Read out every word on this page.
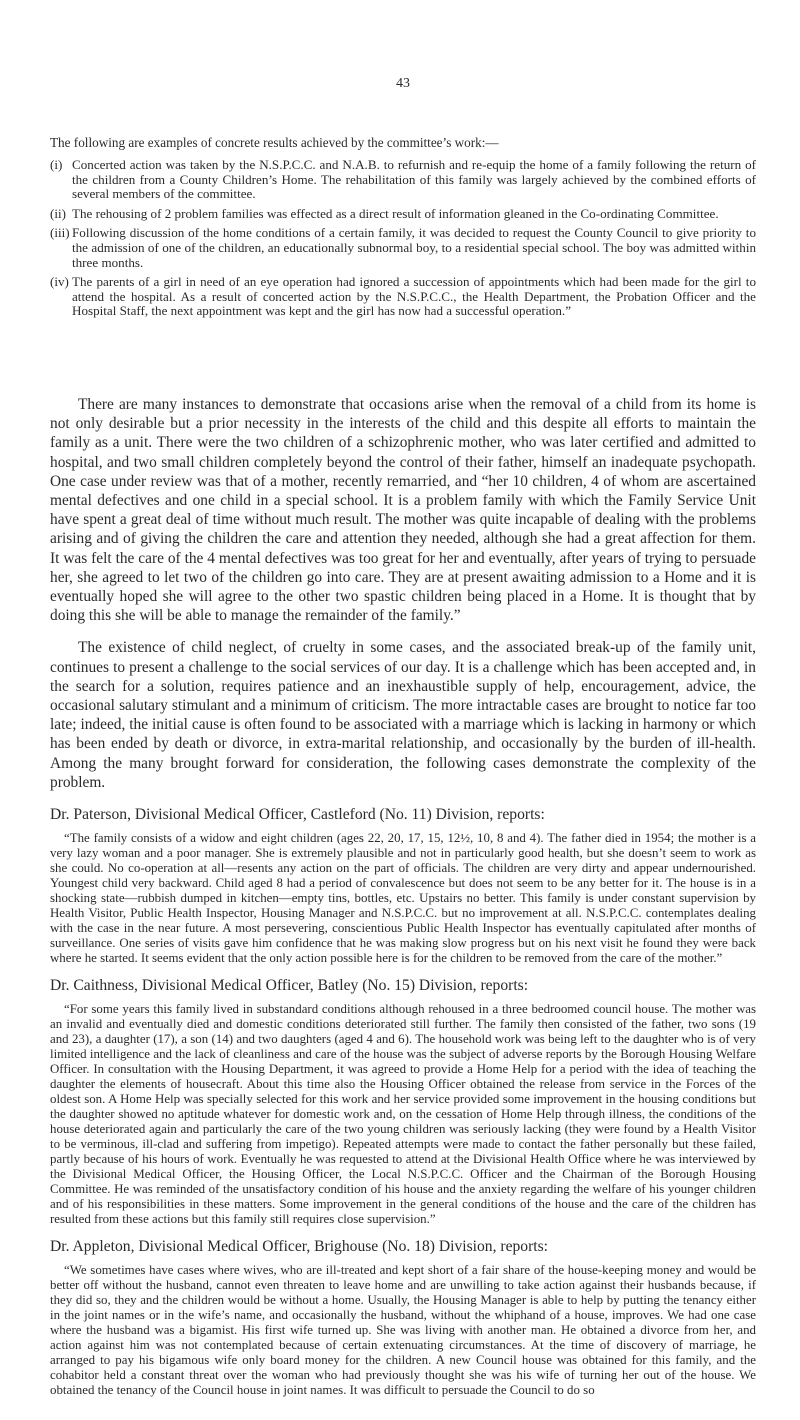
43
The following are examples of concrete results achieved by the committee’s work:—
(i) Concerted action was taken by the N.S.P.C.C. and N.A.B. to refurnish and re-equip the home of a family following the return of the children from a County Children’s Home. The rehabilitation of this family was largely achieved by the combined efforts of several members of the committee.
(ii) The rehousing of 2 problem families was effected as a direct result of information gleaned in the Co-ordinating Committee.
(iii) Following discussion of the home conditions of a certain family, it was decided to request the County Council to give priority to the admission of one of the children, an educationally subnormal boy, to a residential special school. The boy was admitted within three months.
(iv) The parents of a girl in need of an eye operation had ignored a succession of appointments which had been made for the girl to attend the hospital. As a result of concerted action by the N.S.P.C.C., the Health Department, the Probation Officer and the Hospital Staff, the next appointment was kept and the girl has now had a successful operation.”

There are many instances to demonstrate that occasions arise when the removal of a child from its home is not only desirable but a prior necessity in the interests of the child and this despite all efforts to maintain the family as a unit. There were the two children of a schizophrenic mother, who was later certified and admitted to hospital, and two small children completely beyond the control of their father, himself an inadequate psychopath. One case under review was that of a mother, recently remarried, and “her 10 children, 4 of whom are ascertained mental defectives and one child in a special school. It is a problem family with which the Family Service Unit have spent a great deal of time without much result. The mother was quite incapable of dealing with the problems arising and of giving the children the care and attention they needed, although she had a great affection for them. It was felt the care of the 4 mental defectives was too great for her and eventually, after years of trying to persuade her, she agreed to let two of the children go into care. They are at present awaiting admission to a Home and it is eventually hoped she will agree to the other two spastic children being placed in a Home. It is thought that by doing this she will be able to manage the remainder of the family.”

The existence of child neglect, of cruelty in some cases, and the associated break-up of the family unit, continues to present a challenge to the social services of our day. It is a challenge which has been accepted and, in the search for a solution, requires patience and an inexhaustible supply of help, encouragement, advice, the occasional salutary stimulant and a minimum of criticism. The more intractable cases are brought to notice far too late; indeed, the initial cause is often found to be associated with a marriage which is lacking in harmony or which has been ended by death or divorce, in extra-marital relationship, and occasionally by the burden of ill-health. Among the many brought forward for consideration, the following cases demonstrate the complexity of the problem.

Dr. Paterson, Divisional Medical Officer, Castleford (No. 11) Division, reports:

“The family consists of a widow and eight children (ages 22, 20, 17, 15, 12½, 10, 8 and 4). The father died in 1954; the mother is a very lazy woman and a poor manager. She is extremely plausible and not in particularly good health, but she doesn’t seem to work as she could. No co-operation at all—resents any action on the part of officials. The children are very dirty and appear undernourished. Youngest child very backward. Child aged 8 had a period of convalescence but does not seem to be any better for it. The house is in a shocking state—rubbish dumped in kitchen—empty tins, bottles, etc. Upstairs no better. This family is under constant supervision by Health Visitor, Public Health Inspector, Housing Manager and N.S.P.C.C. but no improvement at all. N.S.P.C.C. contemplates dealing with the case in the near future. A most persevering, conscientious Public Health Inspector has eventually capitulated after months of surveillance. One series of visits gave him confidence that he was making slow progress but on his next visit he found they were back where he started. It seems evident that the only action possible here is for the children to be removed from the care of the mother.”

Dr. Caithness, Divisional Medical Officer, Batley (No. 15) Division, reports:

“For some years this family lived in substandard conditions although rehoused in a three bedroomed council house. The mother was an invalid and eventually died and domestic conditions deteriorated still further. The family then consisted of the father, two sons (19 and 23), a daughter (17), a son (14) and two daughters (aged 4 and 6). The household work was being left to the daughter who is of very limited intelligence and the lack of cleanliness and care of the house was the subject of adverse reports by the Borough Housing Welfare Officer. In consultation with the Housing Department, it was agreed to provide a Home Help for a period with the idea of teaching the daughter the elements of housecraft. About this time also the Housing Officer obtained the release from service in the Forces of the oldest son. A Home Help was specially selected for this work and her service provided some improvement in the housing conditions but the daughter showed no aptitude whatever for domestic work and, on the cessation of Home Help through illness, the conditions of the house deteriorated again and particularly the care of the two young children was seriously lacking (they were found by a Health Visitor to be verminous, ill-clad and suffering from impetigo). Repeated attempts were made to contact the father personally but these failed, partly because of his hours of work. Eventually he was requested to attend at the Divisional Health Office where he was interviewed by the Divisional Medical Officer, the Housing Officer, the Local N.S.P.C.C. Officer and the Chairman of the Borough Housing Committee. He was reminded of the unsatisfactory condition of his house and the anxiety regarding the welfare of his younger children and of his responsibilities in these matters. Some improvement in the general conditions of the house and the care of the children has resulted from these actions but this family still requires close supervision.”

Dr. Appleton, Divisional Medical Officer, Brighouse (No. 18) Division, reports:

“We sometimes have cases where wives, who are ill-treated and kept short of a fair share of the house-keeping money and would be better off without the husband, cannot even threaten to leave home and are unwilling to take action against their husbands because, if they did so, they and the children would be without a home. Usually, the Housing Manager is able to help by putting the tenancy either in the joint names or in the wife’s name, and occasionally the husband, without the whiphand of a house, improves. We had one case where the husband was a bigamist. His first wife turned up. She was living with another man. He obtained a divorce from her, and action against him was not contemplated because of certain extenuating circumstances. At the time of discovery of marriage, he arranged to pay his bigamous wife only board money for the children. A new Council house was obtained for this family, and the cohabitor held a constant threat over the woman who had previously thought she was his wife of turning her out of the house. We obtained the tenancy of the Council house in joint names. It was difficult to persuade the Council to do so
